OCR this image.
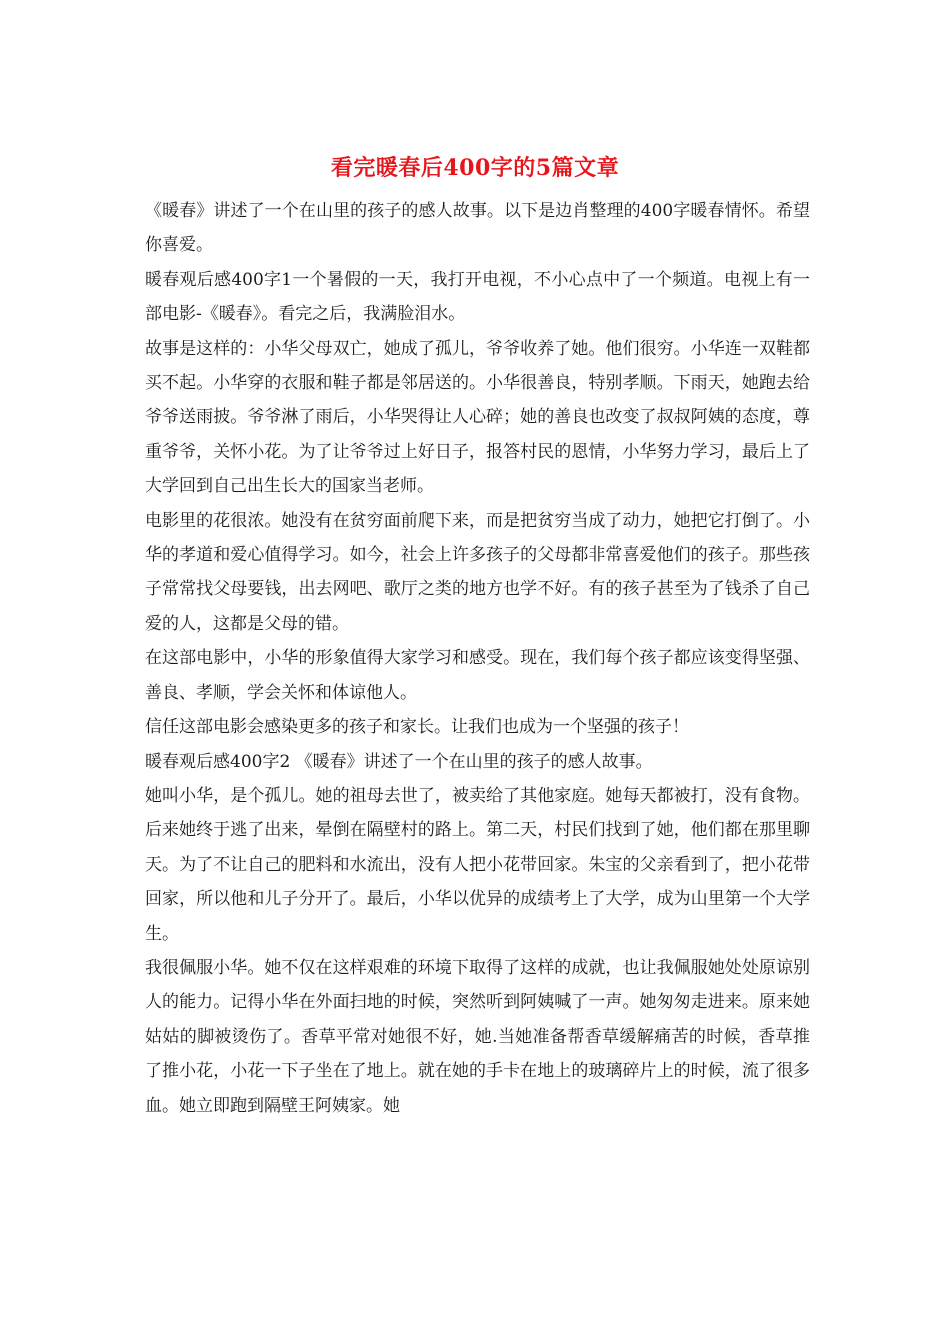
看完暖春后400字的5篇文章

《暖春》讲述了一个在山里的孩子的感人故事。以下是边肖整理的400字暖春情怀。希望你喜爱。

暖春观后感400字1一个暑假的一天，我打开电视，不小心点中了一个频道。电视上有一部电影-《暖春》。看完之后，我满脸泪水。

故事是这样的：小华父母双亡，她成了孤儿，爷爷收养了她。他们很穷。小华连一双鞋都买不起。小华穿的衣服和鞋子都是邻居送的。小华很善良，特别孝顺。下雨天，她跑去给爷爷送雨披。爷爷淋了雨后，小华哭得让人心碎；她的善良也改变了叔叔阿姨的态度，尊重爷爷，关怀小花。为了让爷爷过上好日子，报答村民的恩情，小华努力学习，最后上了大学回到自己出生长大的国家当老师。

电影里的花很浓。她没有在贫穷面前爬下来，而是把贫穷当成了动力，她把它打倒了。小华的孝道和爱心值得学习。如今，社会上许多孩子的父母都非常喜爱他们的孩子。那些孩子常常找父母要钱，出去网吧、歌厅之类的地方也学不好。有的孩子甚至为了钱杀了自己爱的人，这都是父母的错。

在这部电影中，小华的形象值得大家学习和感受。现在，我们每个孩子都应该变得坚强、善良、孝顺，学会关怀和体谅他人。

信任这部电影会感染更多的孩子和家长。让我们也成为一个坚强的孩子！

暖春观后感400字2 《暖春》讲述了一个在山里的孩子的感人故事。

她叫小华，是个孤儿。她的祖母去世了，被卖给了其他家庭。她每天都被打，没有食物。后来她终于逃了出来，晕倒在隔壁村的路上。第二天，村民们找到了她，他们都在那里聊天。为了不让自己的肥料和水流出，没有人把小花带回家。朱宝的父亲看到了，把小花带回家，所以他和儿子分开了。最后，小华以优异的成绩考上了大学，成为山里第一个大学生。

我很佩服小华。她不仅在这样艰难的环境下取得了这样的成就，也让我佩服她处处原谅别人的能力。记得小华在外面扫地的时候，突然听到阿姨喊了一声。她匆匆走进来。原来她姑姑的脚被烫伤了。香草平常对她很不好，她.当她准备帮香草缓解痛苦的时候，香草推了推小花，小花一下子坐在了地上。就在她的手卡在地上的玻璃碎片上的时候，流了很多血。她立即跑到隔壁王阿姨家。她
